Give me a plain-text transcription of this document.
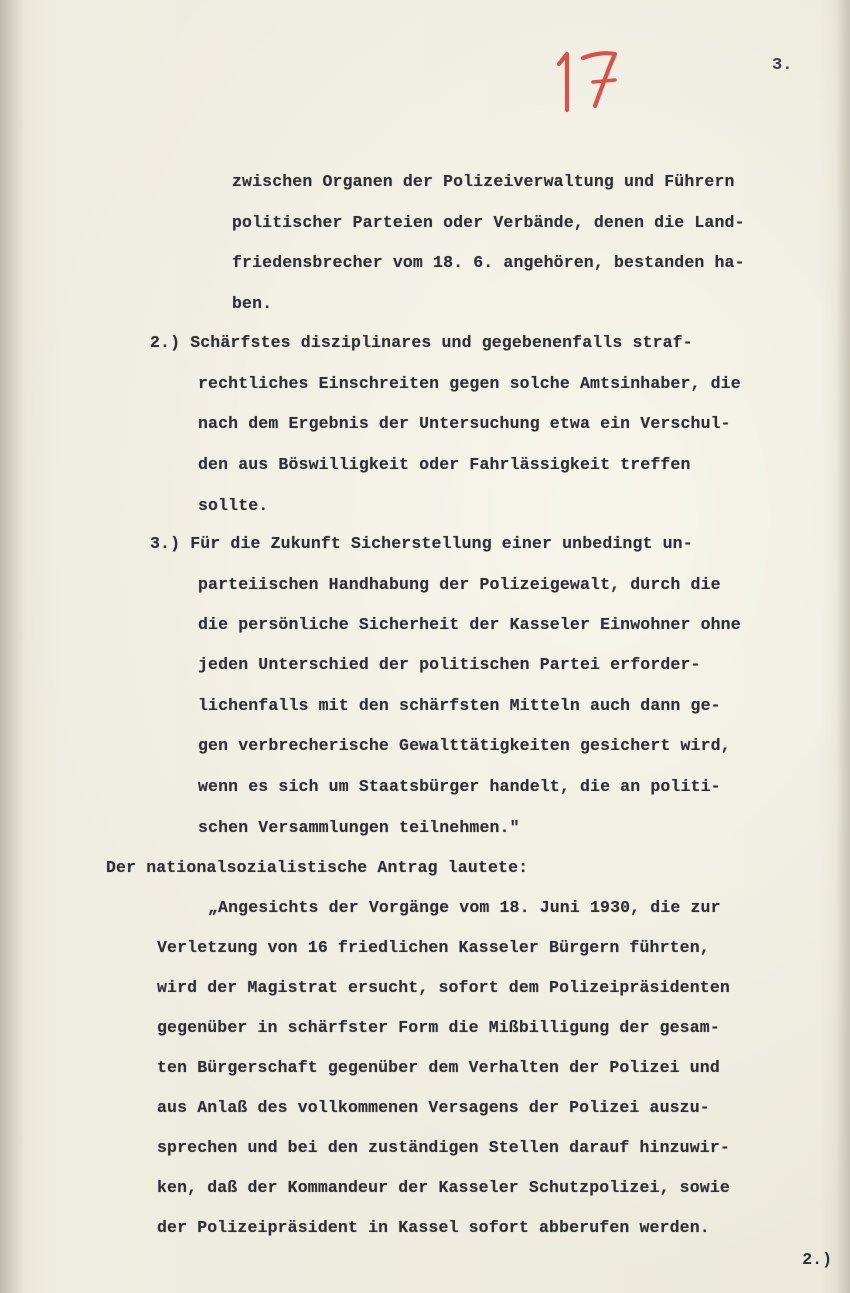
3.
zwischen Organen der Polizeiverwaltung und Führern
politischer Parteien oder Verbände, denen die Land-
friedensbrecher vom 18. 6. angehören, bestanden ha-
ben.
2.) Schärfstes disziplinares und gegebenenfalls straf-
rechtliches Einschreiten gegen solche Amtsinhaber, die
nach dem Ergebnis der Untersuchung etwa ein Verschul-
den aus Böswilligkeit oder Fahrlässigkeit treffen
sollte.
3.) Für die Zukunft Sicherstellung einer unbedingt un-
parteiischen Handhabung der Polizeigewalt, durch die
die persönliche Sicherheit der Kasseler Einwohner ohne
jeden Unterschied der politischen Partei erforder-
lichenfalls mit den schärfsten Mitteln auch dann ge-
gen verbrecherische Gewalttätigkeiten gesichert wird,
wenn es sich um Staatsbürger handelt, die an politi-
schen Versammlungen teilnehmen."
Der nationalsozialistische Antrag lautete:
„Angesichts der Vorgänge vom 18. Juni 1930, die zur
Verletzung von 16 friedlichen Kasseler Bürgern führten,
wird der Magistrat ersucht, sofort dem Polizeipräsidenten
gegenüber in schärfster Form die Mißbilligung der gesam-
ten Bürgerschaft gegenüber dem Verhalten der Polizei und
aus Anlaß des vollkommenen Versagens der Polizei auszu-
sprechen und bei den zuständigen Stellen darauf hinzuwir-
ken, daß der Kommandeur der Kasseler Schutzpolizei, sowie
der Polizeipräsident in Kassel sofort abberufen werden.
2.)
